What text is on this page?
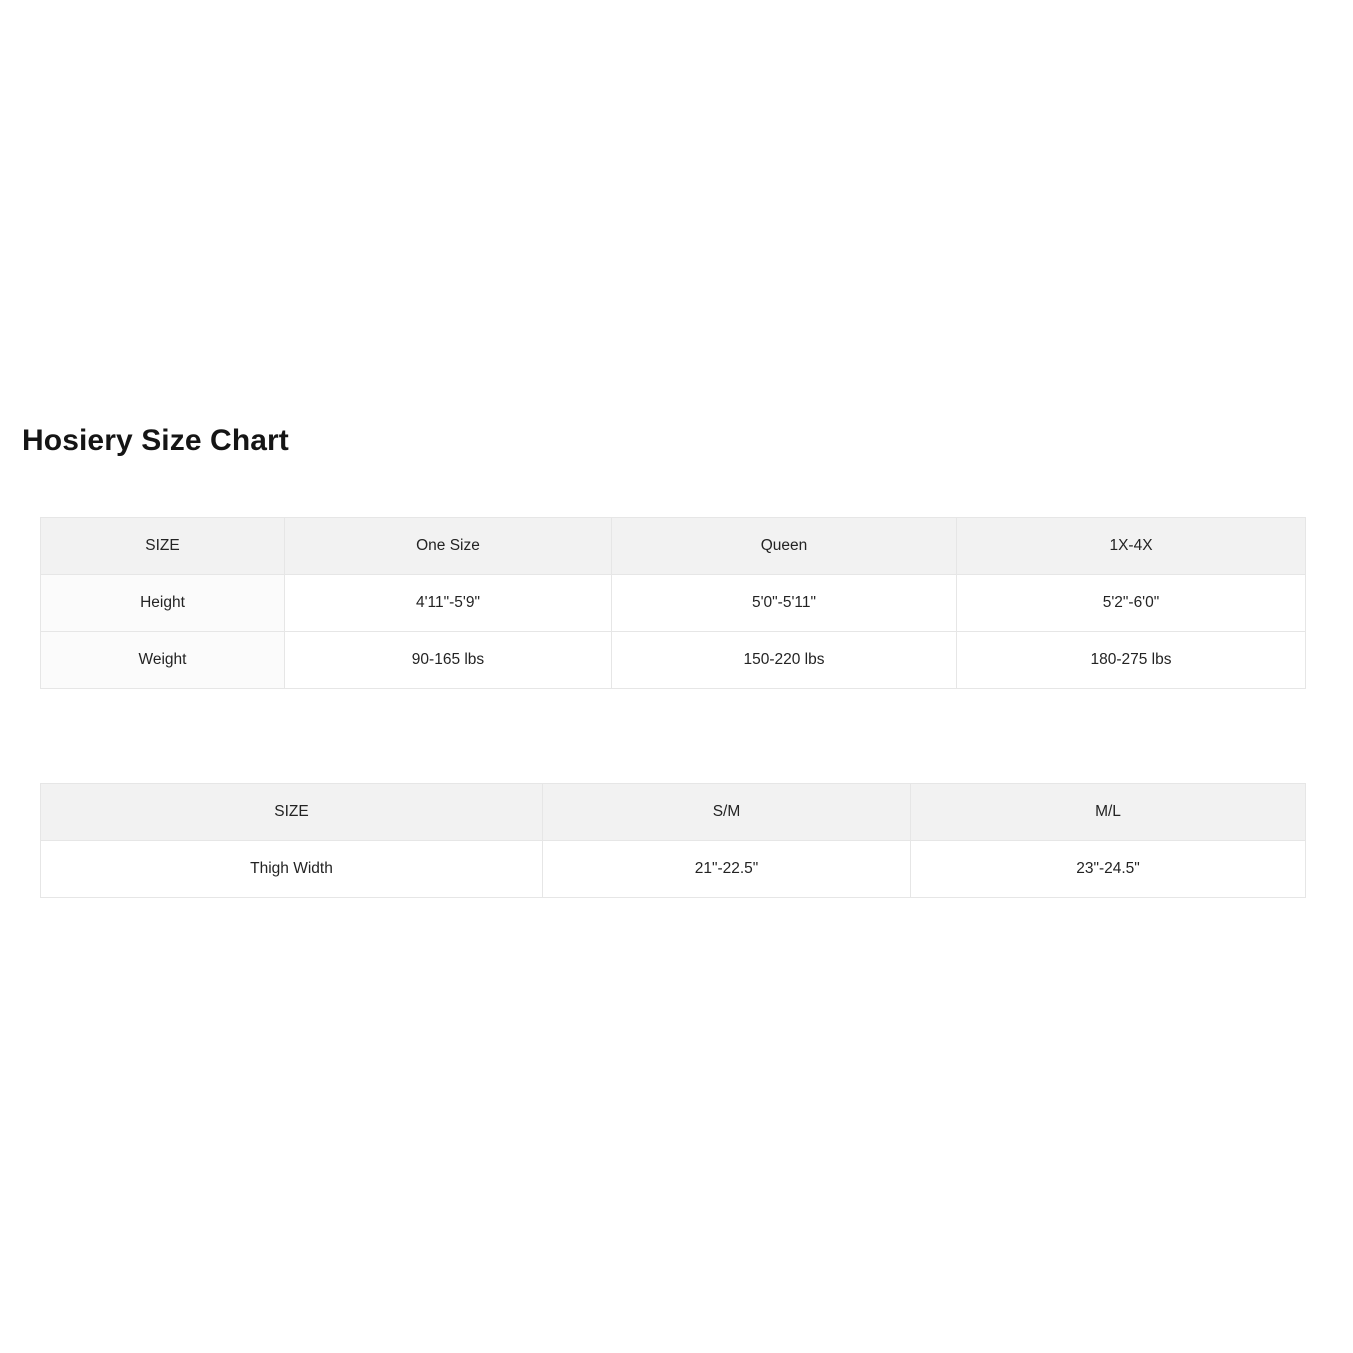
Hosiery Size Chart
SIZE	One Size	Queen	1X-4X
Height	4'11"-5'9"	5'0"-5'11"	5'2"-6'0"
Weight	90-165 lbs	150-220 lbs	180-275 lbs
SIZE	S/M	M/L
Thigh Width	21"-22.5"	23"-24.5"
